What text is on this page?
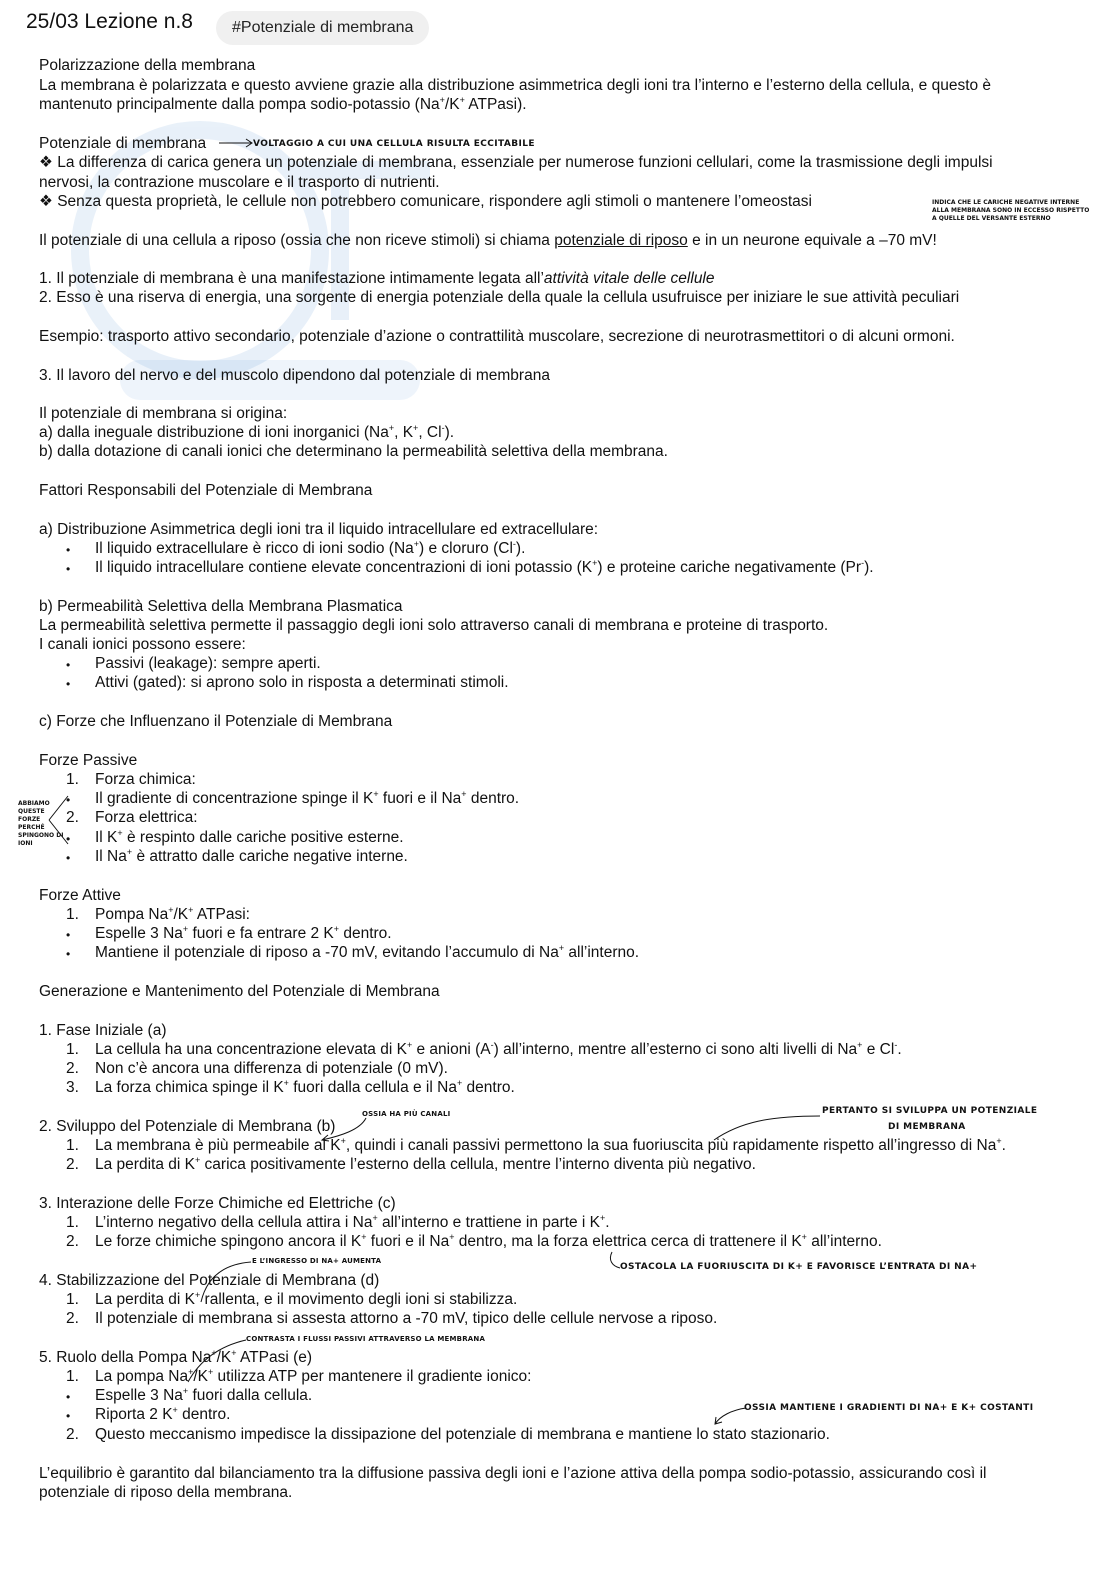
25/03 Lezione n.8	#Potenziale di membrana
Polarizzazione della membrana
La membrana è polarizzata e questo avviene grazie alla distribuzione asimmetrica degli ioni tra l’interno e l’esterno della cellula, e questo è
mantenuto principalmente dalla pompa sodio-potassio (Na+/K+ ATPasi).
Potenziale di membrana	VOLTAGGIO A CUI UNA CELLULA RISULTA ECCITABILE
❖ La differenza di carica genera un potenziale di membrana, essenziale per numerose funzioni cellulari, come la trasmissione degli impulsi
nervosi, la contrazione muscolare e il trasporto di nutrienti.
❖ Senza questa proprietà, le cellule non potrebbero comunicare, rispondere agli stimoli o mantenere l’omeostasi	INDICA CHE LE CARICHE NEGATIVE INTERNE
ALLA MEMBRANA SONO IN ECCESSO RISPETTO
A QUELLE DEL VERSANTE ESTERNO
Il potenziale di una cellula a riposo (ossia che non riceve stimoli) si chiama potenziale di riposo e in un neurone equivale a –70 mV!
1. Il potenziale di membrana è una manifestazione intimamente legata all’attività vitale delle cellule
2. Esso è una riserva di energia, una sorgente di energia potenziale della quale la cellula usufruisce per iniziare le sue attività peculiari
Esempio: trasporto attivo secondario, potenziale d’azione o contrattilità muscolare, secrezione di neurotrasmettitori o di alcuni ormoni.
3. Il lavoro del nervo e del muscolo dipendono dal potenziale di membrana
Il potenziale di membrana si origina:
a) dalla ineguale distribuzione di ioni inorganici (Na+, K+, Cl-).
b) dalla dotazione di canali ionici che determinano la permeabilità selettiva della membrana.
Fattori Responsabili del Potenziale di Membrana
a) Distribuzione Asimmetrica degli ioni tra il liquido intracellulare ed extracellulare:
•	Il liquido extracellulare è ricco di ioni sodio (Na+) e cloruro (Cl-).
•	Il liquido intracellulare contiene elevate concentrazioni di ioni potassio (K+) e proteine cariche negativamente (Pr-).
b) Permeabilità Selettiva della Membrana Plasmatica
La permeabilità selettiva permette il passaggio degli ioni solo attraverso canali di membrana e proteine di trasporto.
I canali ionici possono essere:
•	Passivi (leakage): sempre aperti.
•	Attivi (gated): si aprono solo in risposta a determinati stimoli.
c) Forze che Influenzano il Potenziale di Membrana
Forze Passive
1.	Forza chimica:
•	Il gradiente di concentrazione spinge il K+ fuori e il Na+ dentro.
2.	Forza elettrica:
•	Il K+ è respinto dalle cariche positive esterne.
•	Il Na+ è attratto dalle cariche negative interne.
ABBIAMO
QUESTE
FORZE
PERCHÉ
SPINGONO DI
IONI
Forze Attive
1.	Pompa Na+/K+ ATPasi:
•	Espelle 3 Na+ fuori e fa entrare 2 K+ dentro.
•	Mantiene il potenziale di riposo a -70 mV, evitando l’accumulo di Na+ all’interno.
Generazione e Mantenimento del Potenziale di Membrana
1. Fase Iniziale (a)
1.	La cellula ha una concentrazione elevata di K+ e anioni (A-) all’interno, mentre all’esterno ci sono alti livelli di Na+ e Cl-.
2.	Non c’è ancora una differenza di potenziale (0 mV).
3.	La forza chimica spinge il K+ fuori dalla cellula e il Na+ dentro.
2. Sviluppo del Potenziale di Membrana (b)
OSSIA HA PIÙ CANALI	PERTANTO SI SVILUPPA UN POTENZIALE
DI MEMBRANA
1.	La membrana è più permeabile al K+, quindi i canali passivi permettono la sua fuoriuscita più rapidamente rispetto all’ingresso di Na+.
2.	La perdita di K+ carica positivamente l’esterno della cellula, mentre l’interno diventa più negativo.
3. Interazione delle Forze Chimiche ed Elettriche (c)
1.	L’interno negativo della cellula attira i Na+ all’interno e trattiene in parte i K+.
2.	Le forze chimiche spingono ancora il K+ fuori e il Na+ dentro, ma la forza elettrica cerca di trattenere il K+ all’interno.
E L’INGRESSO DI NA+ AUMENTA
OSTACOLA LA FUORIUSCITA DI K+ E FAVORISCE L’ENTRATA DI NA+
4. Stabilizzazione del Potenziale di Membrana (d)
1.	La perdita di K+ rallenta, e il movimento degli ioni si stabilizza.
2.	Il potenziale di membrana si assesta attorno a -70 mV, tipico delle cellule nervose a riposo.
5. Ruolo della Pompa Na+/K+ ATPasi (e)
CONTRASTA I FLUSSI PASSIVI ATTRAVERSO LA MEMBRANA
1.	La pompa Na+/K+ utilizza ATP per mantenere il gradiente ionico:
•	Espelle 3 Na+ fuori dalla cellula.
•	Riporta 2 K+ dentro.	OSSIA MANTIENE I GRADIENTI DI NA+ E K+ COSTANTI
2.	Questo meccanismo impedisce la dissipazione del potenziale di membrana e mantiene lo stato stazionario.
L’equilibrio è garantito dal bilanciamento tra la diffusione passiva degli ioni e l’azione attiva della pompa sodio-potassio, assicurando così il
potenziale di riposo della membrana.
